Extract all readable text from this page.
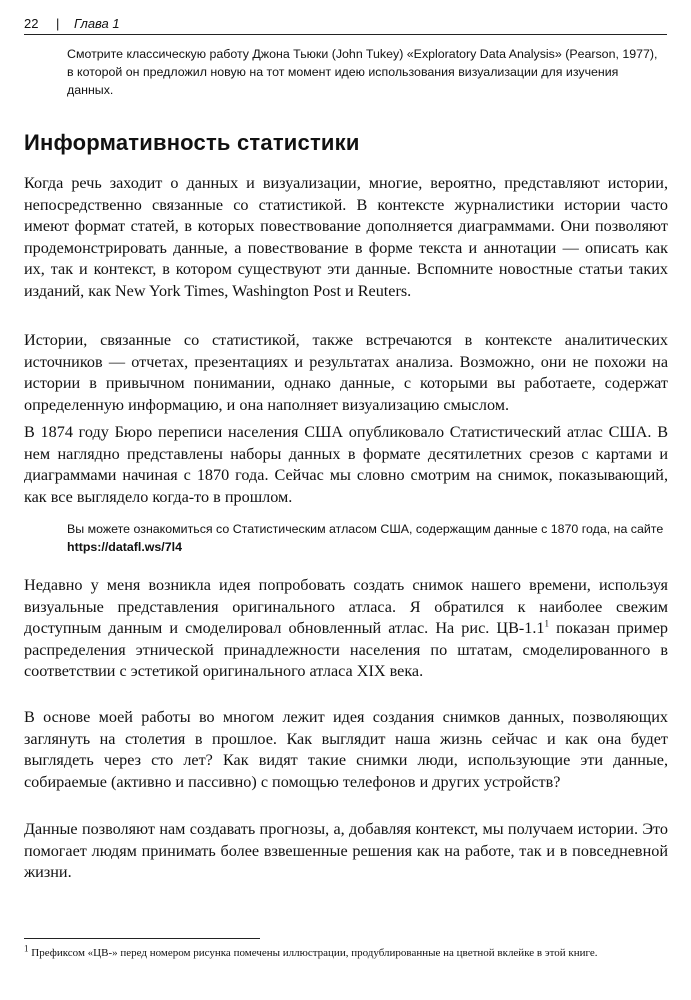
22 | Глава 1
Смотрите классическую работу Джона Тьюки (John Tukey) «Exploratory Data Analysis» (Pearson, 1977), в которой он предложил новую на тот момент идею использования визуализации для изучения данных.
Информативность статистики

Когда речь заходит о данных и визуализации, многие, вероятно, представляют истории, непосредственно связанные со статистикой. В контексте журналистики истории часто имеют формат статей, в которых повествование дополняется диаграммами. Они позволяют продемонстрировать данные, а повествование в форме текста и аннотации — описать как их, так и контекст, в котором существуют эти данные. Вспомните новостные статьи таких изданий, как New York Times, Washington Post и Reuters.

Истории, связанные со статистикой, также встречаются в контексте аналитических источников — отчетах, презентациях и результатах анализа. Возможно, они не похожи на истории в привычном понимании, однако данные, с которыми вы работаете, содержат определенную информацию, и она наполняет визуализацию смыслом.

В 1874 году Бюро переписи населения США опубликовало Статистический атлас США. В нем наглядно представлены наборы данных в формате десятилетних срезов с картами и диаграммами начиная с 1870 года. Сейчас мы словно смотрим на снимок, показывающий, как все выглядело когда-то в прошлом.

Вы можете ознакомиться со Статистическим атласом США, содержащим данные с 1870 года, на сайте https://datafl.ws/7l4

Недавно у меня возникла идея попробовать создать снимок нашего времени, используя визуальные представления оригинального атласа. Я обратился к наиболее свежим доступным данным и смоделировал обновленный атлас. На рис. $ЦВ-1.1^1$ показан пример распределения этнической принадлежности населения по штатам, смоделированного в соответствии с эстетикой оригинального атласа XIX века.

В основе моей работы во многом лежит идея создания снимков данных, позволяющих заглянуть на столетия в прошлое. Как выглядит наша жизнь сейчас и как она будет выглядеть через сто лет? Как видят такие снимки люди, использующие эти данные, собираемые (активно и пассивно) с помощью телефонов и других устройств?

Данные позволяют нам создавать прогнозы, а, добавляя контекст, мы получаем истории. Это помогает людям принимать более взвешенные решения как на работе, так и в повседневной жизни.

$^1$ Префиксом «ЦВ-» перед номером рисунка помечены иллюстрации, продублированные на цветной вклейке в этой книге.
